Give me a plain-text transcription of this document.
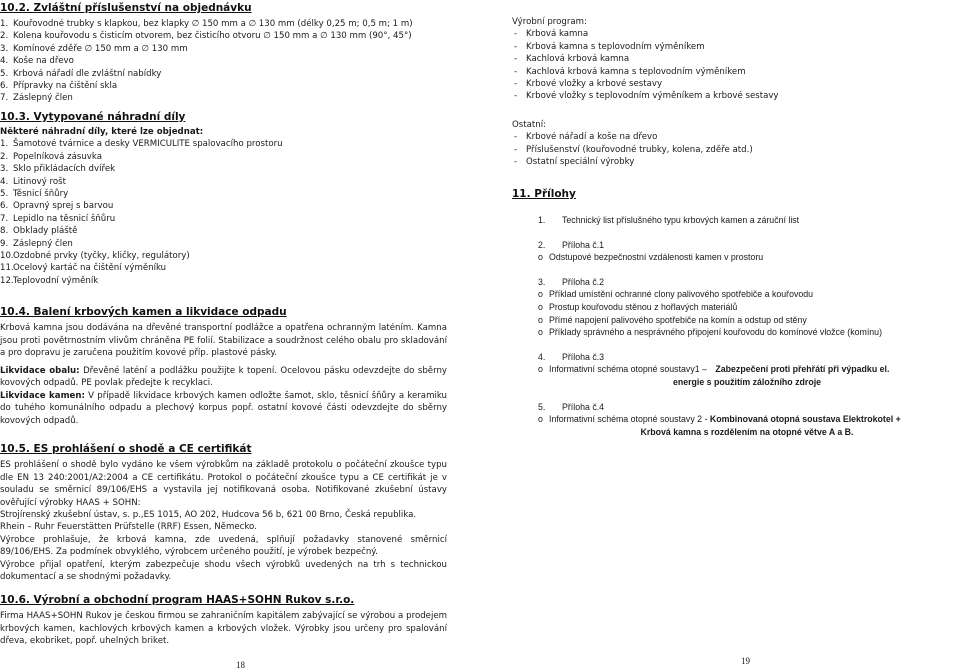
10.2. Zvláštní příslušenství na objednávku
1. Kouřovodné trubky s klapkou, bez klapky ∅ 150 mm a ∅ 130 mm (délky 0,25 m; 0,5 m; 1 m)
2. Kolena kouřovodu s čisticím otvorem, bez čisticího otvoru ∅ 150 mm a ∅ 130 mm (90°, 45°)
3. Komínové zděře ∅ 150 mm a ∅ 130 mm
4. Koše na dřevo
5. Krbová nářadí dle zvláštní nabídky
6. Přípravky na čištění skla
7. Záslepný člen
10.3. Vytypované náhradní díly
Některé náhradní díly, které lze objednat:
1. Šamotové tvárnice a desky VERMICULITE spalovacího prostoru
2. Popelníková zásuvka
3. Sklo přikládacích dvířek
4. Litinový rošt
5. Těsnicí šňůry
6. Opravný sprej s barvou
7. Lepidlo na těsnicí šňůru
8. Obklady pláště
9. Záslepný člen
10. Ozdobné prvky (tyčky, kličky, regulátory)
11. Ocelový kartáč na čištění výměníku
12. Teplovodní výměník
10.4. Balení krbových kamen a likvidace odpadu
Krbová kamna jsou dodávána na dřevěné transportní podlážce a opatřena ochranným laténím. Kamna jsou proti povětrnostním vlivům chráněna PE folií. Stabilizace a soudržnost celého obalu pro skladování a pro dopravu je zaručena použitím kovové příp. plastové pásky.
Likvidace obalu: Dřevěné laténí a podlážku použijte k topení. Ocelovou pásku odevzdejte do sběrny kovových odpadů. PE povlak předejte k recyklaci.
Likvidace kamen: V případě likvidace krbových kamen odložte šamot, sklo, těsnicí šňůry a keramiku do tuhého komunálního odpadu a plechový korpus popř. ostatní kovové části odevzdejte do sběrny kovových odpadů.
10.5. ES prohlášení o shodě a CE certifikát
ES prohlášení o shodě bylo vydáno ke všem výrobkům na základě protokolu o počáteční zkoušce typu dle EN 13 240:2001/A2:2004 a CE certifikátu. Protokol o počáteční zkoušce typu a CE certifikát je v souladu se směrnicí 89/106/EHS a vystavila jej notifikovaná osoba. Notifikované zkušební ústavy ověřující výrobky HAAS + SOHN:
Strojírenský zkušební ústav, s. p.,ES 1015, AO 202, Hudcova 56 b, 621 00 Brno, Česká republika.
Rhein – Ruhr Feuerstätten Prüfstelle (RRF) Essen, Německo.
Výrobce prohlašuje, že krbová kamna, zde uvedená, splňují požadavky stanovené směrnicí 89/106/EHS. Za podmínek obvyklého, výrobcem určeného použití, je výrobek bezpečný.
Výrobce přijal opatření, kterým zabezpečuje shodu všech výrobků uvedených na trh s technickou dokumentací a se shodnými požadavky.
10.6. Výrobní a obchodní program HAAS+SOHN Rukov s.r.o.
Firma HAAS+SOHN Rukov je českou firmou se zahraničním kapitálem zabývající se výrobou a prodejem krbových kamen, kachlových krbových kamen a krbových vložek. Výrobky jsou určeny pro spalování dřeva, ekobriket, popř. uhelných briket.
18
Výrobní program:
-	Krbová kamna
-	Krbová kamna s teplovodním výměníkem
-	Kachlová krbová kamna
-	Kachlová krbová kamna s teplovodním výměníkem
-	Krbové vložky a krbové sestavy
-	Krbové vložky s teplovodním výměníkem a krbové sestavy
Ostatní:
-	Krbové nářadí a koše na dřevo
-	Příslušenství (kouřovodné trubky, kolena, zděře atd.)
-	Ostatní speciální výrobky
11. Přílohy
1.	Technický list příslušného typu krbových kamen a záruční list
2.	Příloha č.1
o Odstupové bezpečnostní vzdálenosti kamen v prostoru
3.	Příloha č.2
o Příklad umístění ochranné clony palivového spotřebiče a kouřovodu
o Prostup kouřovodu stěnou z hořlavých materiálů
o Přímé napojení palivového spotřebiče na komín a odstup od stěny
o Příklady správného a nesprávného připojení kouřovodu do komínové vložce (komínu)
4.	Příloha č.3
o Informativní schéma otopné soustavy1 – Zabezpečení proti přehřátí při výpadku el.
energie s použitím záložního zdroje
5.	Příloha č.4
o Informativní schéma otopné soustavy 2 - Kombinovaná otopná soustava Elektrokotel +
Krbová kamna s rozdělením na otopné větve A a B.
19
